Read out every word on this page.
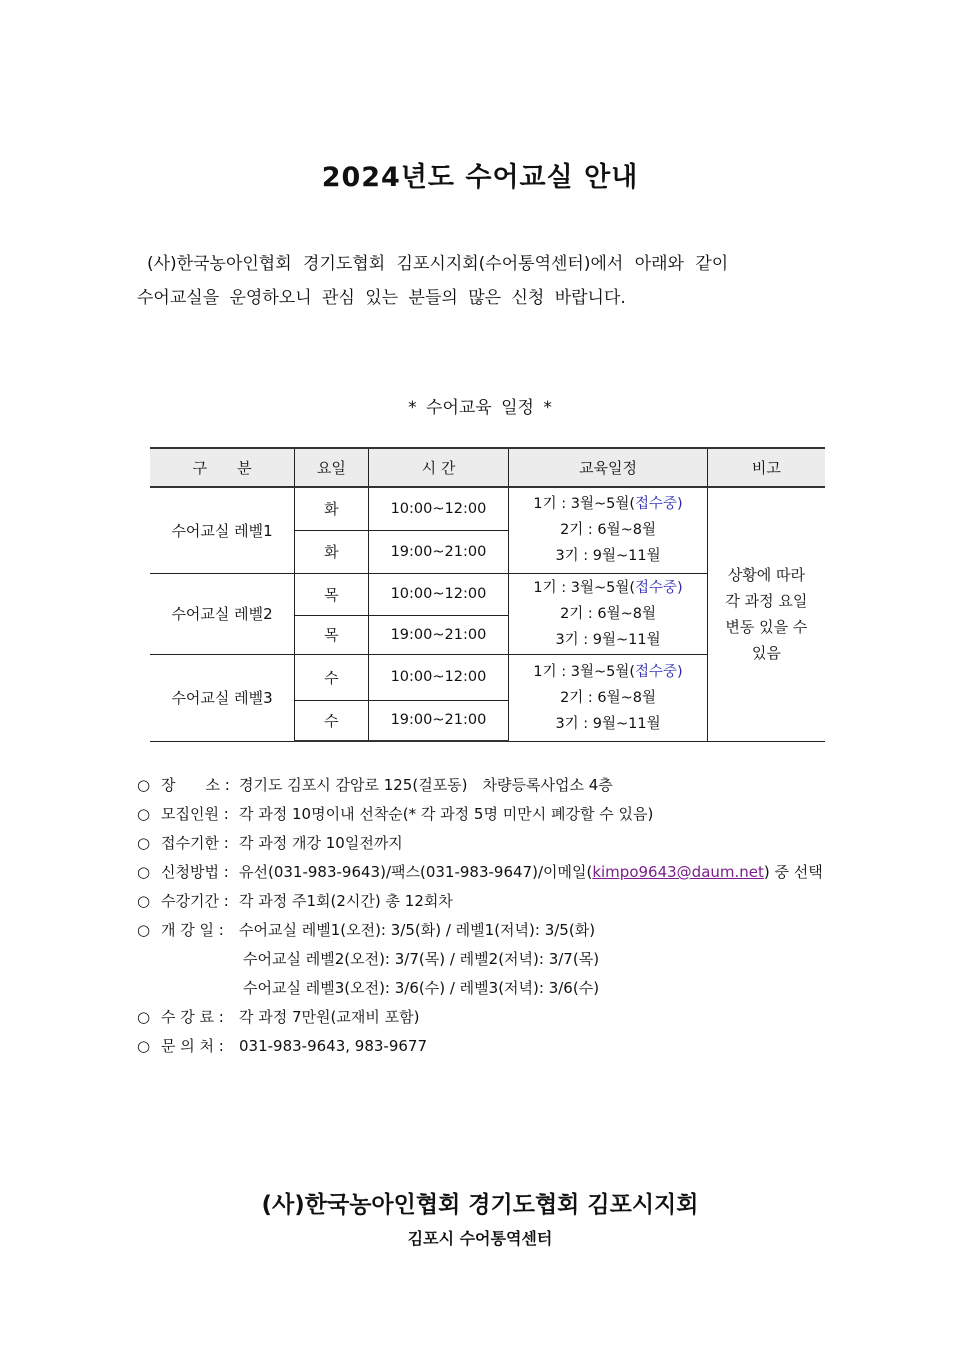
2024년도 수어교실 안내
(사)한국농아인협회 경기도협회 김포시지회(수어통역센터)에서 아래와 같이
수어교실을 운영하오니 관심 있는 분들의 많은 신청 바랍니다.
* 수어교육 일정 *
구　　분	요일	시 간	교육일정	비고
수어교실 레벨1	화	10:00~12:00	1기 : 3월~5월(접수중)
2기 : 6월~8월
3기 : 9월~11월

상황에 따라
각 과정 요일
변동 있을 수
있음

	화	19:00~21:00		
수어교실 레벨2	목	10:00~12:00	1기 : 3월~5월(접수중)
2기 : 6월~8월
3기 : 9월~11월	

	목	19:00~21:00		
수어교실 레벨3	수	10:00~12:00	1기 : 3월~5월(접수중)
2기 : 6월~8월
3기 : 9월~11월	

	수	19:00~21:00		
○ 장　　소 : 경기도 김포시 감암로 125(걸포동)　차량등록사업소 4층
○ 모집인원 : 각 과정 10명이내 선착순(* 각 과정 5명 미만시 폐강할 수 있음)
○ 접수기한 : 각 과정 개강 10일전까지
○ 신청방법 : 유선(031-983-9643)/팩스(031-983-9647)/이메일(kimpo9643@daum.net) 중 선택
○ 수강기간 : 각 과정 주1회(2시간) 총 12회차
○ 개 강 일 :	수어교실 레벨1(오전): 3/5(화) / 레벨1(저녁): 3/5(화)
수어교실 레벨2(오전): 3/7(목) / 레벨2(저녁): 3/7(목)
수어교실 레벨3(오전): 3/6(수) / 레벨3(저녁): 3/6(수)
○ 수 강 료 :	각 과정 7만원(교재비 포함)
○ 문 의 처 :	031-983-9643, 983-9677
(사)한국농아인협회 경기도협회 김포시지회
김포시 수어통역센터
